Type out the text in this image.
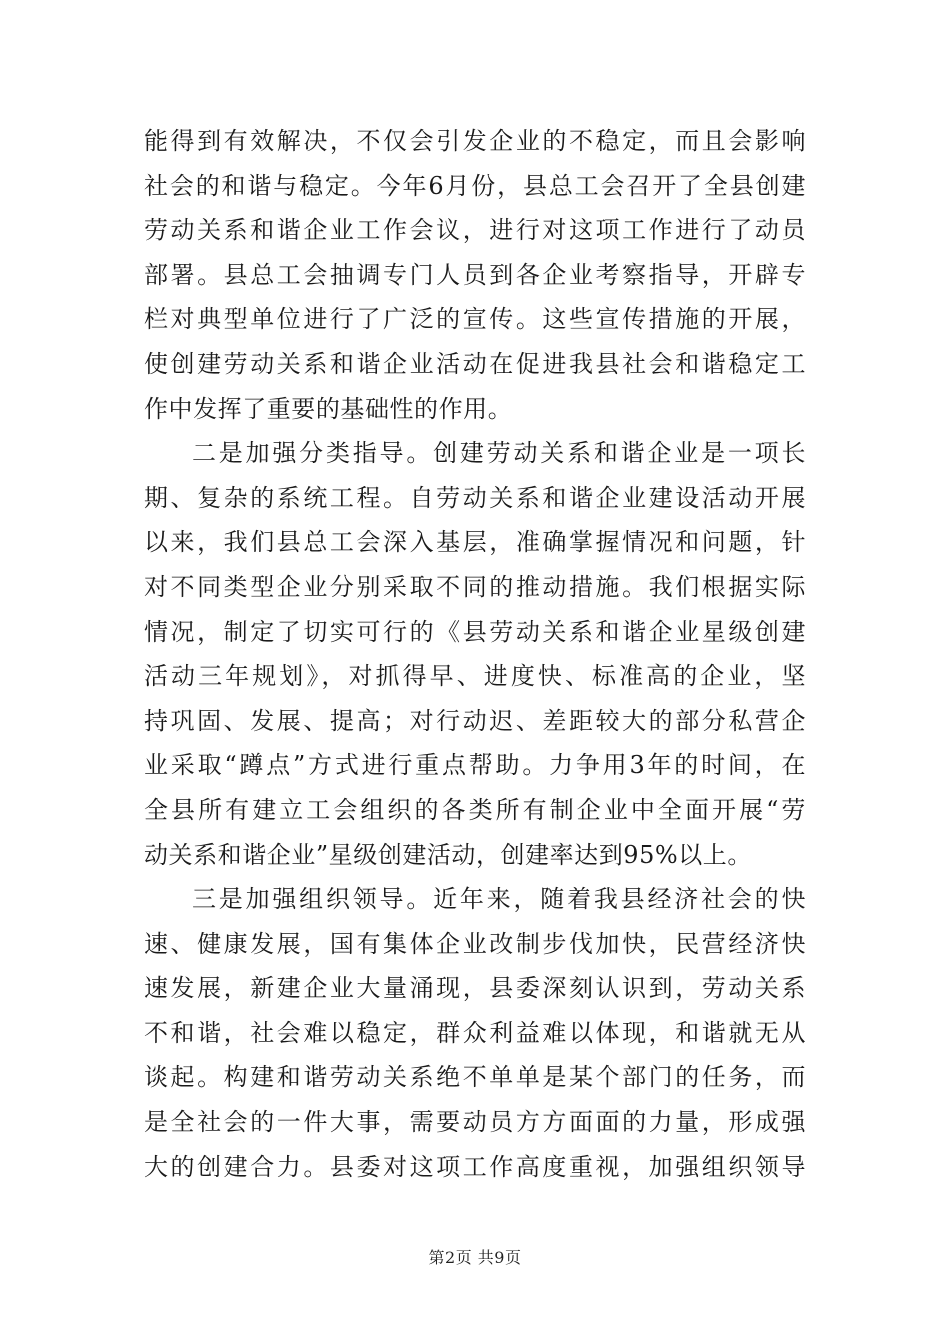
能得到有效解决，不仅会引发企业的不稳定，而且会影响
社会的和谐与稳定。今年6月份，县总工会召开了全县创建
劳动关系和谐企业工作会议，进行对这项工作进行了动员
部署。县总工会抽调专门人员到各企业考察指导，开辟专
栏对典型单位进行了广泛的宣传。这些宣传措施的开展，
使创建劳动关系和谐企业活动在促进我县社会和谐稳定工
作中发挥了重要的基础性的作用。
二是加强分类指导。创建劳动关系和谐企业是一项长
期、复杂的系统工程。自劳动关系和谐企业建设活动开展
以来，我们县总工会深入基层，准确掌握情况和问题，针
对不同类型企业分别采取不同的推动措施。我们根据实际
情况，制定了切实可行的《县劳动关系和谐企业星级创建
活动三年规划》，对抓得早、进度快、标准高的企业，坚
持巩固、发展、提高；对行动迟、差距较大的部分私营企
业采取“蹲点”方式进行重点帮助。力争用3年的时间，在
全县所有建立工会组织的各类所有制企业中全面开展“劳
动关系和谐企业”星级创建活动，创建率达到95%以上。
三是加强组织领导。近年来，随着我县经济社会的快
速、健康发展，国有集体企业改制步伐加快，民营经济快
速发展，新建企业大量涌现，县委深刻认识到，劳动关系
不和谐，社会难以稳定，群众利益难以体现，和谐就无从
谈起。构建和谐劳动关系绝不单单是某个部门的任务，而
是全社会的一件大事，需要动员方方面面的力量，形成强
大的创建合力。县委对这项工作高度重视，加强组织领导
第2页 共9页
